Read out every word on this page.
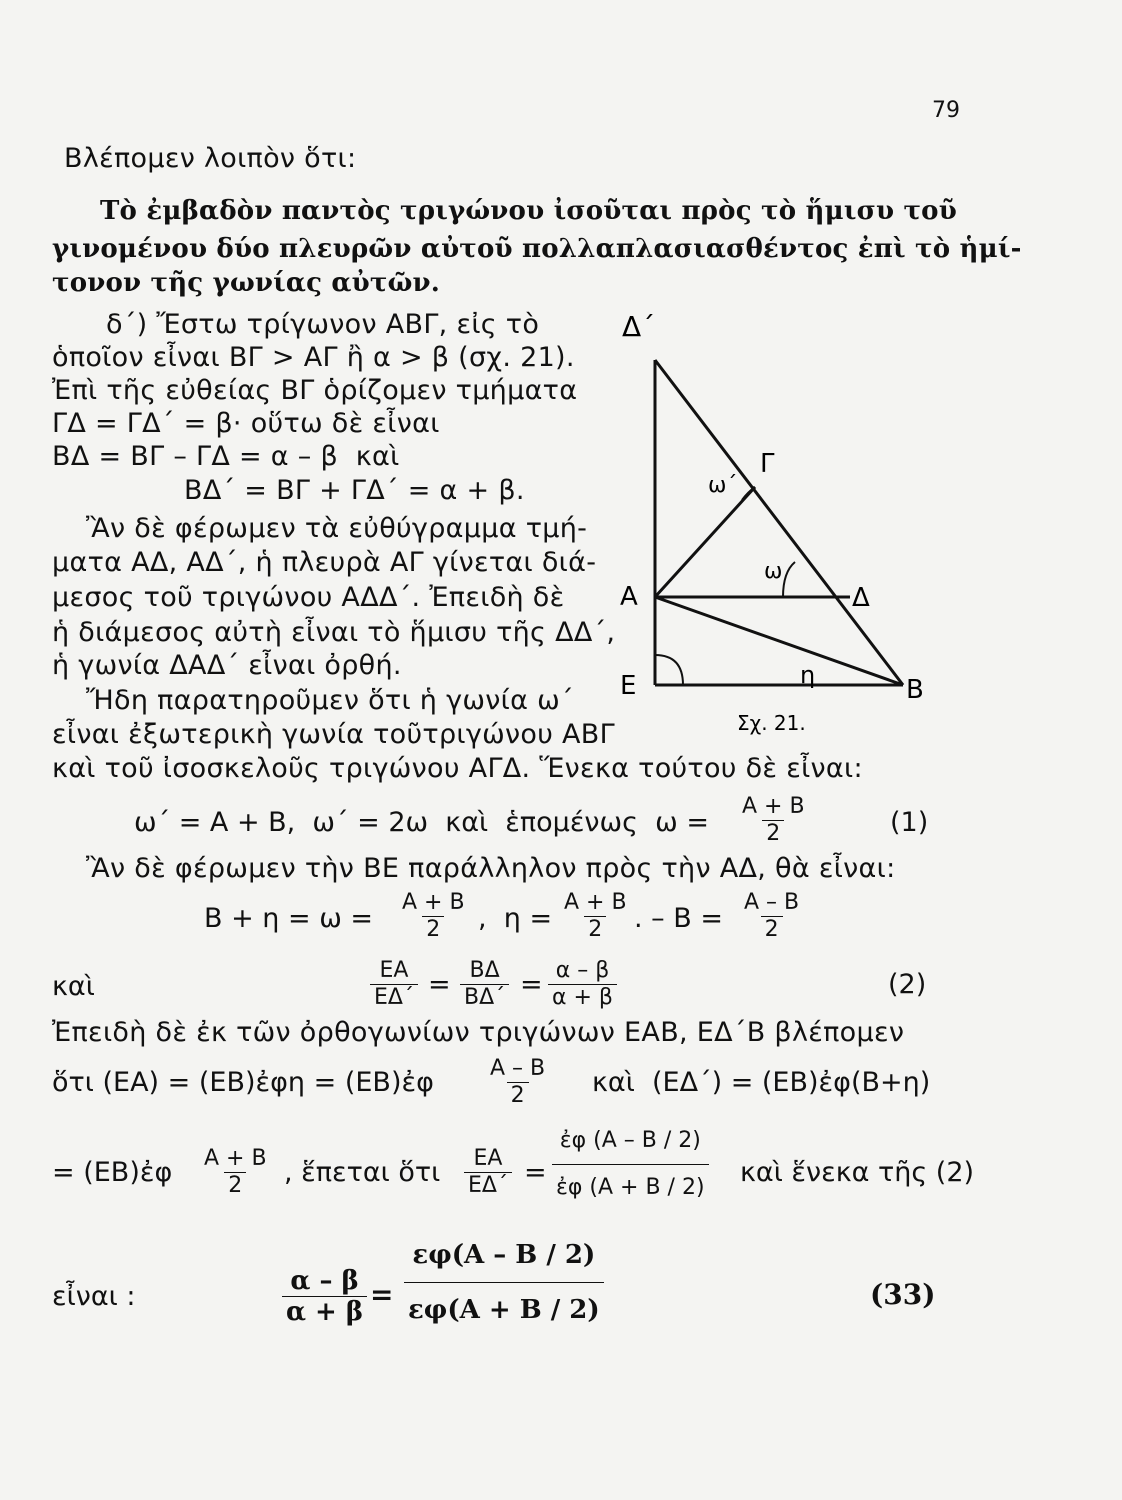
79
Βλέπομεν λοιπὸν ὅτι:
Τὸ ἐμβαδὸν παντὸς τριγώνου ἰσοῦται πρὸς τὸ ἥμισυ τοῦ
γινομένου δύο πλευρῶν αὐτοῦ πολλαπλασιασθέντος ἐπὶ τὸ ἡμί-
τονον τῆς γωνίας αὐτῶν.
δ΄) Ἔστω τρίγωνον ΑΒΓ, εἰς τὸ
ὁποῖον εἶναι ΒΓ > ΑΓ ἢ α > β (σχ. 21).
Ἐπὶ τῆς εὐθείας ΒΓ ὁρίζομεν τμήματα
ΓΔ = ΓΔ΄ = β· οὕτω δὲ εἶναι
ΒΔ = ΒΓ – ΓΔ = α – β  καὶ
ΒΔ΄ = ΒΓ + ΓΔ΄ = α + β.
Ἂν δὲ φέρωμεν τὰ εὐθύγραμμα τμή-
ματα ΑΔ, ΑΔ΄, ἡ πλευρὰ ΑΓ γίνεται διά-
μεσος τοῦ τριγώνου ΑΔΔ΄. Ἐπειδὴ δὲ
ἡ διάμεσος αὐτὴ εἶναι τὸ ἥμισυ τῆς ΔΔ΄,
ἡ γωνία ΔΑΔ΄ εἶναι ὀρθή.
Ἤδη παρατηροῦμεν ὅτι ἡ γωνία ω΄
εἶναι ἐξωτερικὴ γωνία τοῦτριγώνου ΑΒΓ
καὶ τοῦ ἰσοσκελοῦς τριγώνου ΑΓΔ. Ἕνεκα τούτου δὲ εἶναι:
Δ΄
Γ
ω΄
ω
Α	Δ
Ε	η	Β
Σχ. 21.
ω΄ = Α + Β,  ω΄ = 2ω  καὶ  ἑπομένως  $\omega = \frac{A + B}{2}$	(1)
Ἂν δὲ φέρωμεν τὴν ΒΕ παράλληλον πρὸς τὴν ΑΔ, θὰ εἶναι:
$B + \eta = \omega = \frac{A + B}{2}$ ,  $\eta = \frac{A + B}{2}$ . – $B = \frac{A - B}{2}$
καὶ	$\frac{EA}{E\Delta΄} = \frac{B\Delta}{B\Delta΄} = \frac{\alpha - \beta}{\alpha + \beta}$	(2)
Ἐπειδὴ δὲ ἐκ τῶν ὀρθογωνίων τριγώνων ΕΑΒ, ΕΔ΄Β βλέπομεν
ὅτι (ΕΑ) = (ΕΒ)ἐφη = (ΕΒ)ἐφ $\frac{A - B}{2}$ καὶ  (ΕΔ΄) = (ΕΒ)ἐφ(Β+η)
= (ΕΒ)ἐφ $\frac{A + B}{2}$ , ἕπεται ὅτι $\frac{EA}{E\Delta΄} = \frac{\text{ἐφ (Α – Β / 2)}}{\text{ἐφ (Α + Β / 2)}}$ καὶ ἕνεκα τῆς (2)
εἶναι :	$\frac{\alpha - \beta}{\alpha + \beta} = \frac{\varepsilon\varphi(A - B / 2)}{\varepsilon\varphi(A + B / 2)}$	(33)
